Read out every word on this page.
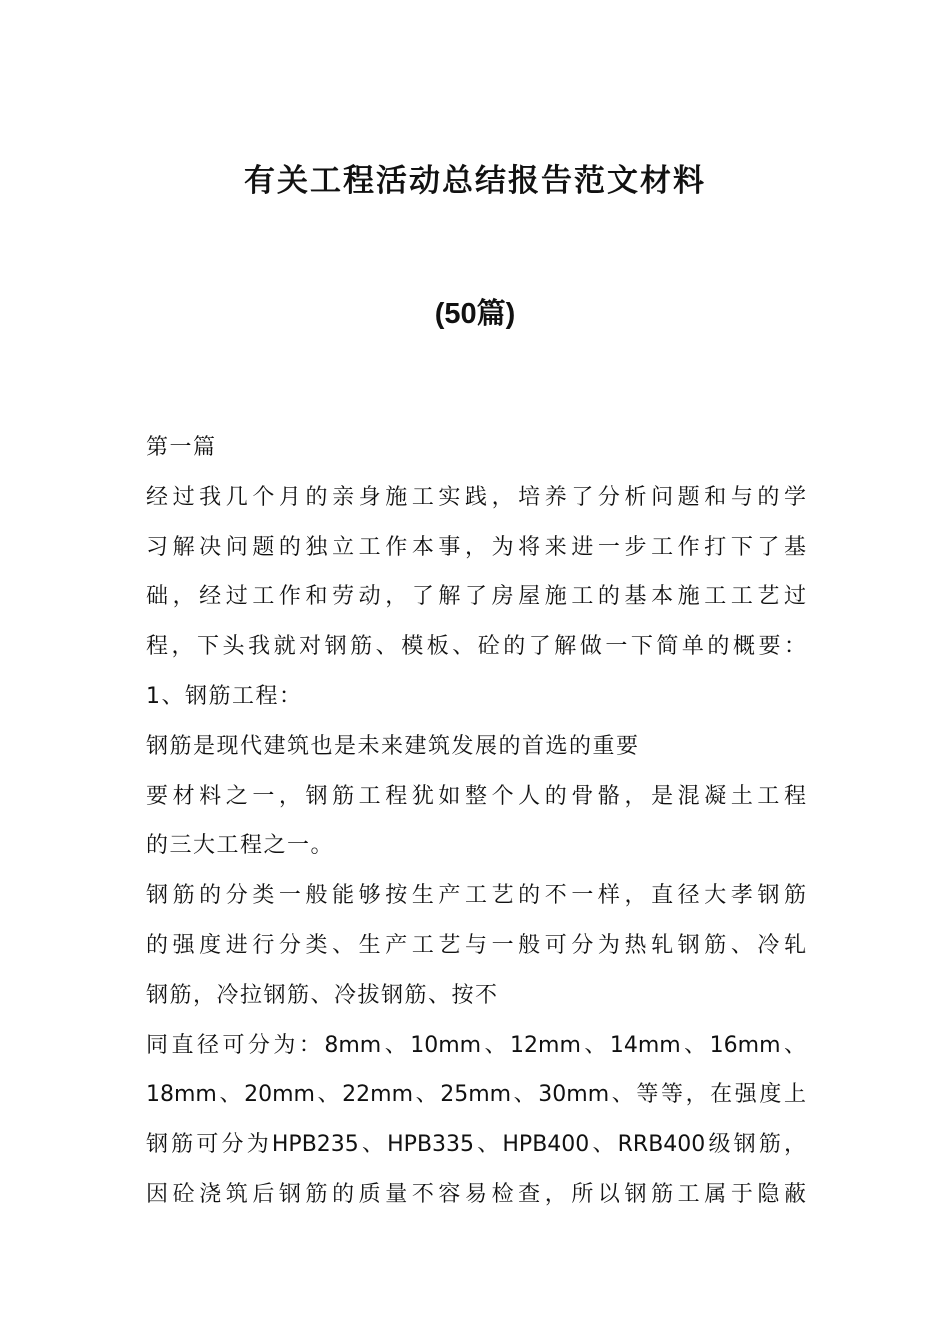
有关工程活动总结报告范文材料
(50篇)
第一篇
经过我几个月的亲身施工实践，培养了分析问题和与的学
习解决问题的独立工作本事，为将来进一步工作打下了基
础，经过工作和劳动，了解了房屋施工的基本施工工艺过
程，下头我就对钢筋、模板、砼的了解做一下简单的概要：
1、钢筋工程：
钢筋是现代建筑也是未来建筑发展的首选的重要
要材料之一，钢筋工程犹如整个人的骨骼，是混凝土工程
的三大工程之一。
钢筋的分类一般能够按生产工艺的不一样，直径大孝钢筋
的强度进行分类、生产工艺与一般可分为热轧钢筋、冷轧
钢筋，冷拉钢筋、冷拔钢筋、按不
同直径可分为：8mm、10mm、12mm、14mm、16mm、
18mm、20mm、22mm、25mm、30mm、等等，在强度上
钢筋可分为HPB235、HPB335、HPB400、RRB400级钢筋，
因砼浇筑后钢筋的质量不容易检查，所以钢筋工属于隐蔽
